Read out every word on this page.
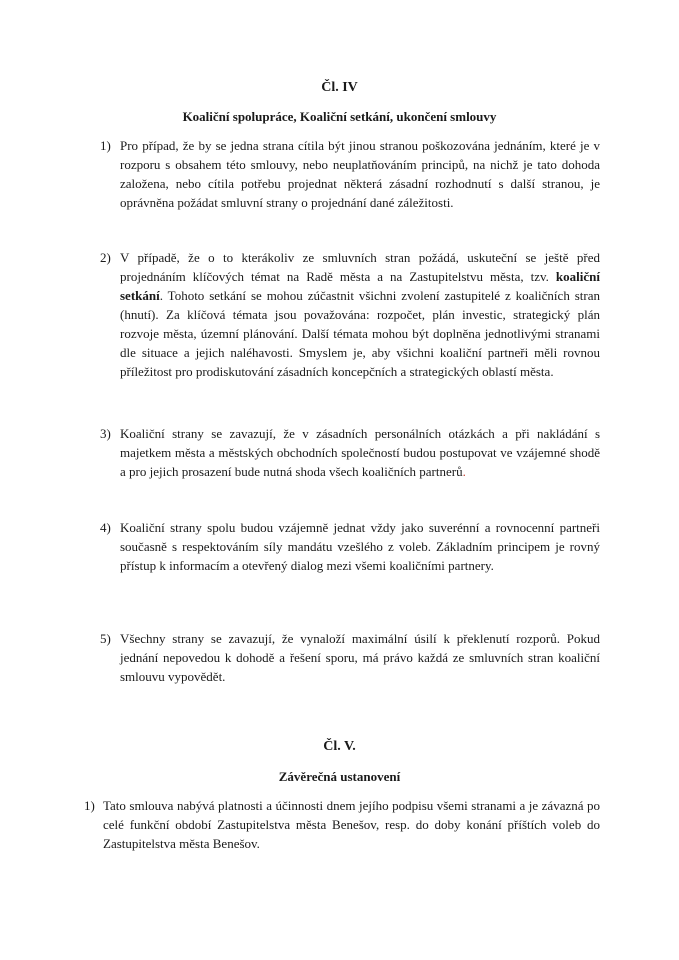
Čl. IV
Koaliční spolupráce, Koaliční setkání, ukončení smlouvy
1) Pro případ, že by se jedna strana cítila být jinou stranou poškozována jednáním, které je v rozporu s obsahem této smlouvy, nebo neuplatňováním principů, na nichž je tato dohoda založena, nebo cítila potřebu projednat některá zásadní rozhodnutí s další stranou, je oprávněna požádat smluvní strany o projednání dané záležitosti.
2) V případě, že o to kterákoliv ze smluvních stran požádá, uskuteční se ještě před projednáním klíčových témat na Radě města a na Zastupitelstvu města, tzv. koaliční setkání. Tohoto setkání se mohou zúčastnit všichni zvolení zastupitelé z koaličních stran (hnutí). Za klíčová témata jsou považována: rozpočet, plán investic, strategický plán rozvoje města, územní plánování. Další témata mohou být doplněna jednotlivými stranami dle situace a jejich naléhavosti. Smyslem je, aby všichni koaliční partneři měli rovnou příležitost pro prodiskutování zásadních koncepčních a strategických oblastí města.
3) Koaliční strany se zavazují, že v zásadních personálních otázkách a při nakládání s majetkem města a městských obchodních společností budou postupovat ve vzájemné shodě a pro jejich prosazení bude nutná shoda všech koaličních partnerů.
4) Koaliční strany spolu budou vzájemně jednat vždy jako suverénní a rovnocenní partneři současně s respektováním síly mandátu vzešlého z voleb. Základním principem je rovný přístup k informacím a otevřený dialog mezi všemi koaličními partnery.
5) Všechny strany se zavazují, že vynaloží maximální úsilí k překlenutí rozporů. Pokud jednání nepovedou k dohodě a řešení sporu, má právo každá ze smluvních stran koaliční smlouvu vypovědět.
Čl. V.
Závěrečná ustanovení
1) Tato smlouva nabývá platnosti a účinnosti dnem jejího podpisu všemi stranami a je závazná po celé funkční období Zastupitelstva města Benešov, resp. do doby konání příštích voleb do Zastupitelstva města Benešov.
